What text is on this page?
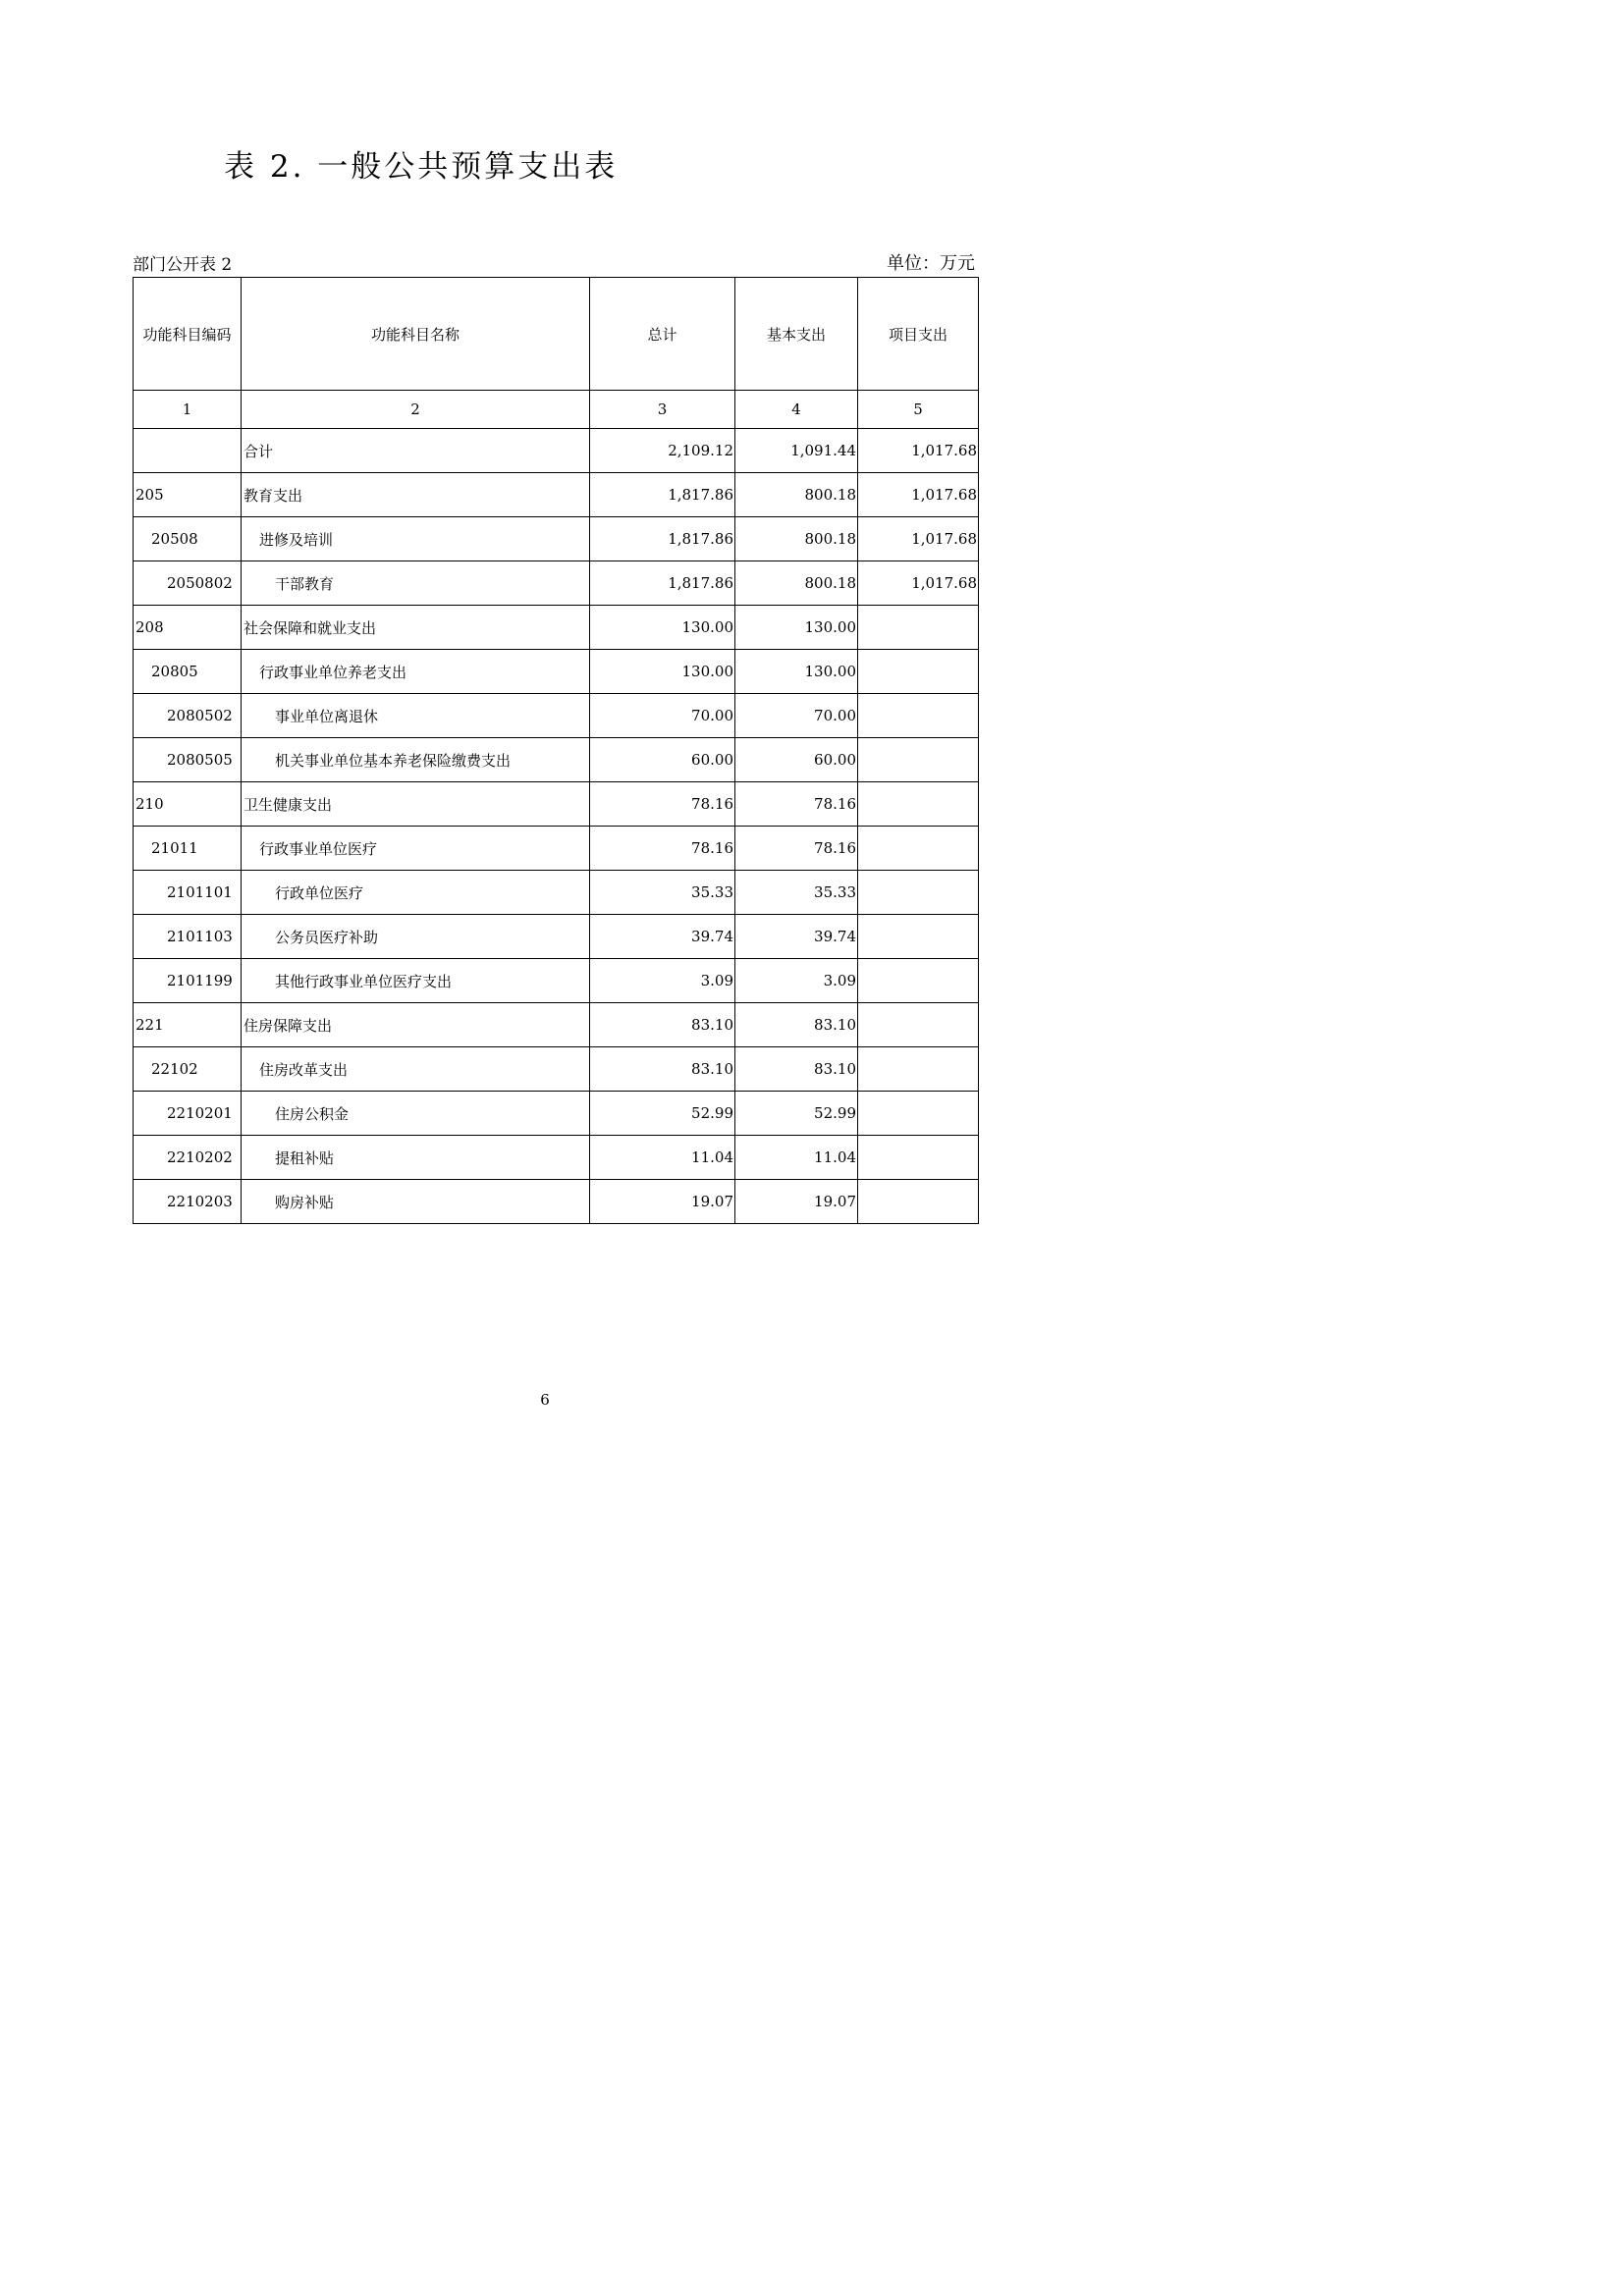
表 2. 一般公共预算支出表
部门公开表 2	单位：万元
功能科目编码	功能科目名称	总计	基本支出	项目支出
1	2	3	4	5
	合计	2,109.12	1,091.44	1,017.68
205	教育支出	1,817.86	800.18	1,017.68
20508	进修及培训	1,817.86	800.18	1,017.68
2050802	干部教育	1,817.86	800.18	1,017.68
208	社会保障和就业支出	130.00	130.00	
20805	行政事业单位养老支出	130.00	130.00	
2080502	事业单位离退休	70.00	70.00	
2080505	机关事业单位基本养老保险缴费支出	60.00	60.00	
210	卫生健康支出	78.16	78.16	
21011	行政事业单位医疗	78.16	78.16	
2101101	行政单位医疗	35.33	35.33	
2101103	公务员医疗补助	39.74	39.74	
2101199	其他行政事业单位医疗支出	3.09	3.09	
221	住房保障支出	83.10	83.10	
22102	住房改革支出	83.10	83.10	
2210201	住房公积金	52.99	52.99	
2210202	提租补贴	11.04	11.04	
2210203	购房补贴	19.07	19.07	
6
